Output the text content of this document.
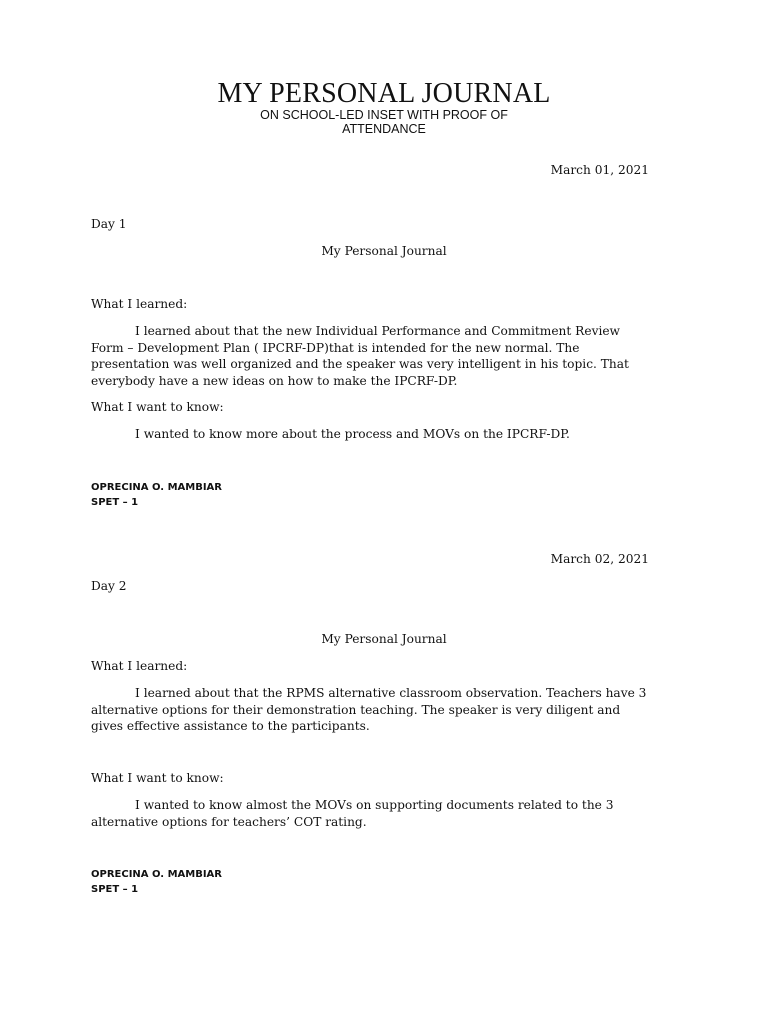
MY PERSONAL JOURNAL
ON SCHOOL-LED INSET WITH PROOF OF
ATTENDANCE
March 01, 2021
Day 1
My Personal Journal
What I learned:
I learned about that the new Individual Performance and Commitment Review Form – Development Plan ( IPCRF-DP)that is intended for the new normal. The presentation was well organized and the speaker was very intelligent in his topic. That everybody have a new ideas on how to make the IPCRF-DP.
What I want to know:
I wanted to know more about the process and MOVs on the IPCRF-DP.
OPRECINA O. MAMBIAR
SPET – 1
March 02, 2021
Day 2
My Personal Journal
What I learned:
I learned about that the RPMS alternative classroom observation. Teachers have 3 alternative options for their demonstration teaching. The speaker is very diligent and gives effective assistance to the participants.
What I want to know:
I wanted to know almost the MOVs on supporting documents related to the 3 alternative options for teachers’ COT rating.
OPRECINA O. MAMBIAR
SPET – 1
